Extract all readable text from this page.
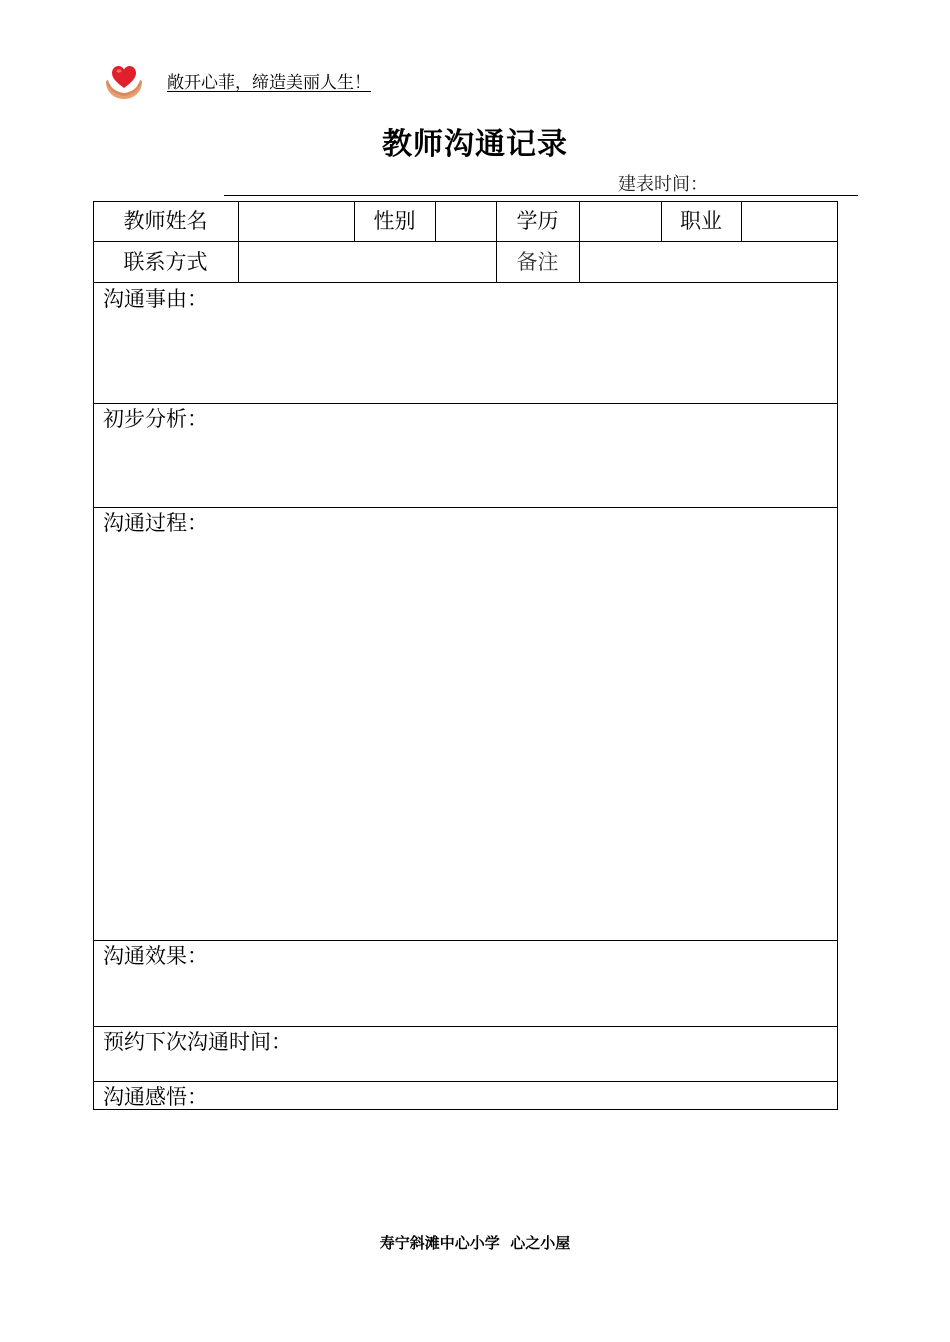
敞开心菲，缔造美丽人生！
教师沟通记录
建表时间：
教师姓名	性别	学历	职业
联系方式	备注
沟通事由：
初步分析：
沟通过程：
沟通效果：
预约下次沟通时间：
沟通感悟：
寿宁斜滩中心小学  心之小屋
